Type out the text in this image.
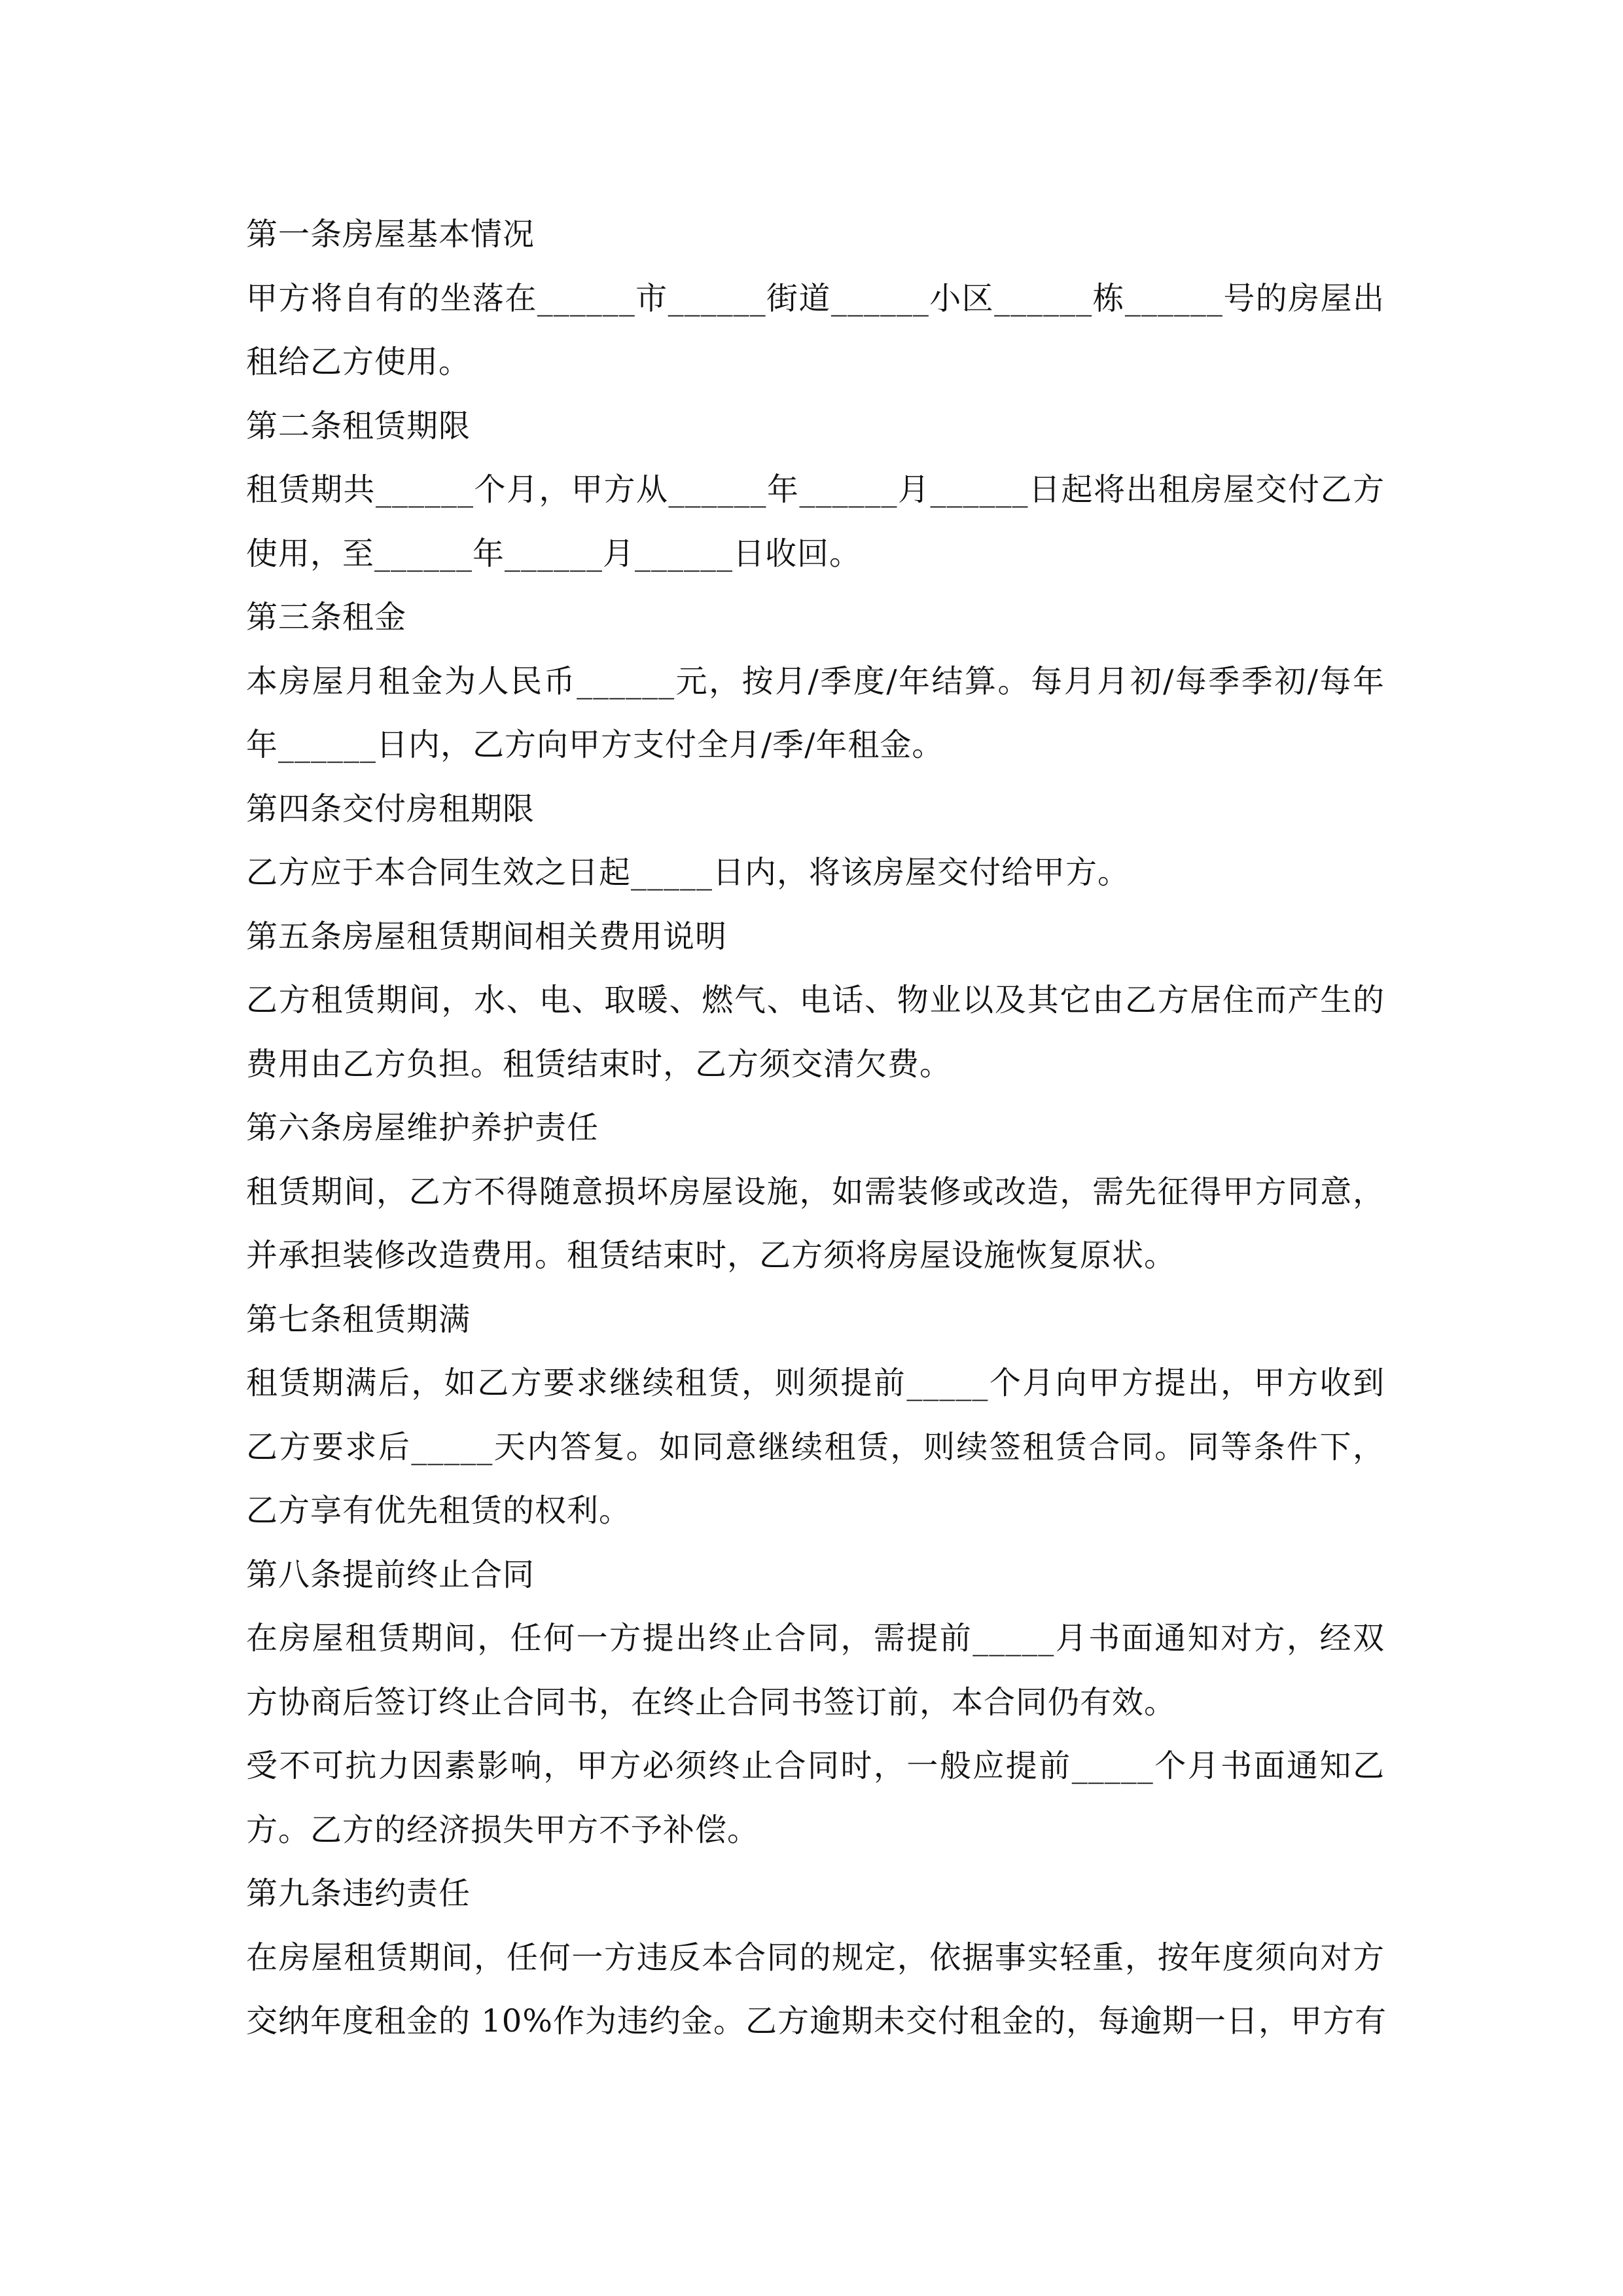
第一条房屋基本情况
甲方将自有的坐落在______市______街道______小区______栋______号的房屋出
租给乙方使用。
第二条租赁期限
租赁期共______个月，甲方从______年______月______日起将出租房屋交付乙方
使用，至______年______月______日收回。
第三条租金
本房屋月租金为人民币______元，按月/季度/年结算。每月月初/每季季初/每年
年______日内，乙方向甲方支付全月/季/年租金。
第四条交付房租期限
乙方应于本合同生效之日起_____日内，将该房屋交付给甲方。
第五条房屋租赁期间相关费用说明
乙方租赁期间，水、电、取暖、燃气、电话、物业以及其它由乙方居住而产生的
费用由乙方负担。租赁结束时，乙方须交清欠费。
第六条房屋维护养护责任
租赁期间，乙方不得随意损坏房屋设施，如需装修或改造，需先征得甲方同意，
并承担装修改造费用。租赁结束时，乙方须将房屋设施恢复原状。
第七条租赁期满
租赁期满后，如乙方要求继续租赁，则须提前_____个月向甲方提出，甲方收到
乙方要求后_____天内答复。如同意继续租赁，则续签租赁合同。同等条件下，
乙方享有优先租赁的权利。
第八条提前终止合同
在房屋租赁期间，任何一方提出终止合同，需提前_____月书面通知对方，经双
方协商后签订终止合同书，在终止合同书签订前，本合同仍有效。
受不可抗力因素影响，甲方必须终止合同时，一般应提前_____个月书面通知乙
方。乙方的经济损失甲方不予补偿。
第九条违约责任
在房屋租赁期间，任何一方违反本合同的规定，依据事实轻重，按年度须向对方
交纳年度租金的 10%作为违约金。乙方逾期未交付租金的，每逾期一日，甲方有
